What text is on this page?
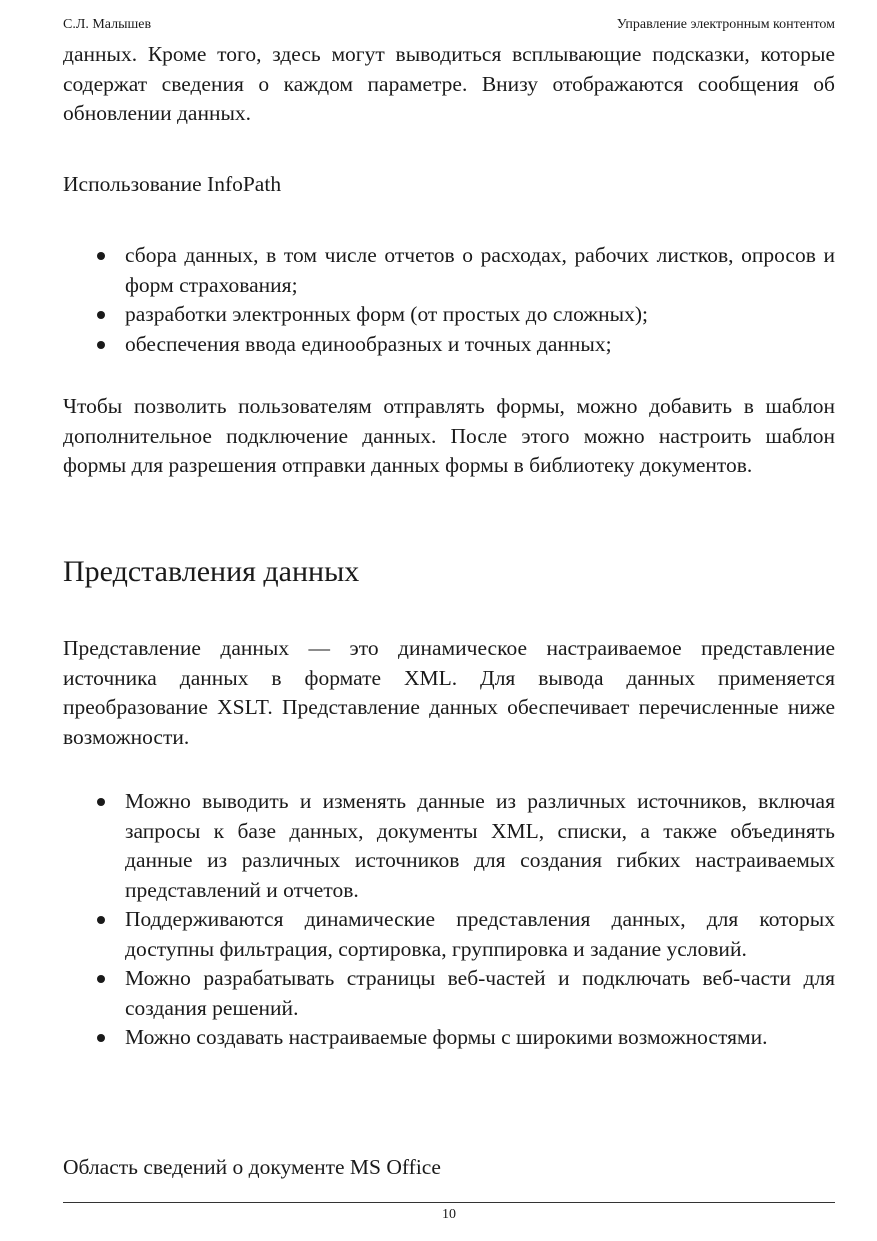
С.Л. Малышев	Управление электронным контентом

данных. Кроме того, здесь могут выводиться всплывающие подсказки, которые содержат сведения о каждом параметре. Внизу отображаются сообщения об обновлении данных.

Использование InfoPath

сбора данных, в том числе отчетов о расходах, рабочих листков, опросов и форм страхования;
разработки электронных форм (от простых до сложных);
обеспечения ввода единообразных и точных данных;

Чтобы позволить пользователям отправлять формы, можно добавить в шаблон дополнительное подключение данных. После этого можно настроить шаблон формы для разрешения отправки данных формы в библиотеку документов.

Представления данных

Представление данных — это динамическое настраиваемое представление источника данных в формате XML. Для вывода данных применяется преобразование XSLT. Представление данных обеспечивает перечисленные ниже возможности.

Можно выводить и изменять данные из различных источников, включая запросы к базе данных, документы XML, списки, а также объединять данные из различных источников для создания гибких настраиваемых представлений и отчетов.
Поддерживаются динамические представления данных, для которых доступны фильтрация, сортировка, группировка и задание условий.
Можно разрабатывать страницы веб-частей и подключать веб-части для создания решений.
Можно создавать настраиваемые формы с широкими возможностями.

Область сведений о документе MS Office

10
